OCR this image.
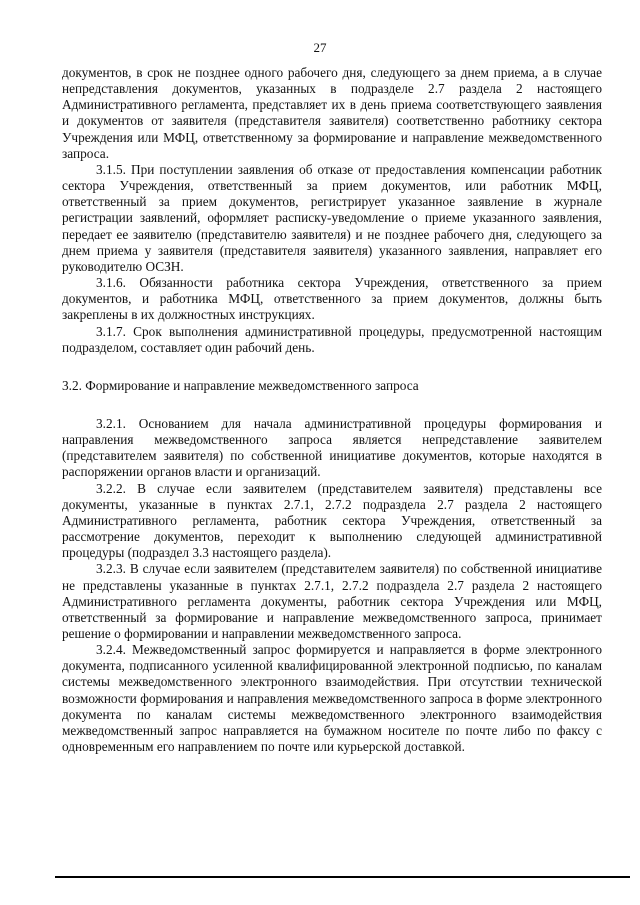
27

документов, в срок не позднее одного рабочего дня, следующего за днем приема, а в случае непредставления документов, указанных в подразделе 2.7 раздела 2 настоящего Административного регламента, представляет их в день приема соответствующего заявления и документов от заявителя (представителя заявителя) соответственно работнику сектора Учреждения или МФЦ, ответственному за формирование и направление межведомственного запроса.

3.1.5. При поступлении заявления об отказе от предоставления компенсации работник сектора Учреждения, ответственный за прием документов, или работник МФЦ, ответственный за прием документов, регистрирует указанное заявление в журнале регистрации заявлений, оформляет расписку-уведомление о приеме указанного заявления, передает ее заявителю (представителю заявителя) и не позднее рабочего дня, следующего за днем приема у заявителя (представителя заявителя) указанного заявления, направляет его руководителю ОСЗН.

3.1.6. Обязанности работника сектора Учреждения, ответственного за прием документов, и работника МФЦ, ответственного за прием документов, должны быть закреплены в их должностных инструкциях.

3.1.7. Срок выполнения административной процедуры, предусмотренной настоящим подразделом, составляет один рабочий день.

3.2. Формирование и направление межведомственного запроса

3.2.1. Основанием для начала административной процедуры формирования и направления межведомственного запроса является непредставление заявителем (представителем заявителя) по собственной инициативе документов, которые находятся в распоряжении органов власти и организаций.

3.2.2. В случае если заявителем (представителем заявителя) представлены все документы, указанные в пунктах 2.7.1, 2.7.2 подраздела 2.7 раздела 2 настоящего Административного регламента, работник сектора Учреждения, ответственный за рассмотрение документов, переходит к выполнению следующей административной процедуры (подраздел 3.3 настоящего раздела).

3.2.3. В случае если заявителем (представителем заявителя) по собственной инициативе не представлены указанные в пунктах 2.7.1, 2.7.2 подраздела 2.7 раздела 2 настоящего Административного регламента документы, работник сектора Учреждения или МФЦ, ответственный за формирование и направление межведомственного запроса, принимает решение о формировании и направлении межведомственного запроса.

3.2.4. Межведомственный запрос формируется и направляется в форме электронного документа, подписанного усиленной квалифицированной электронной подписью, по каналам системы межведомственного электронного взаимодействия. При отсутствии технической возможности формирования и направления межведомственного запроса в форме электронного документа по каналам системы межведомственного электронного взаимодействия межведомственный запрос направляется на бумажном носителе по почте либо по факсу с одновременным его направлением по почте или курьерской доставкой.
